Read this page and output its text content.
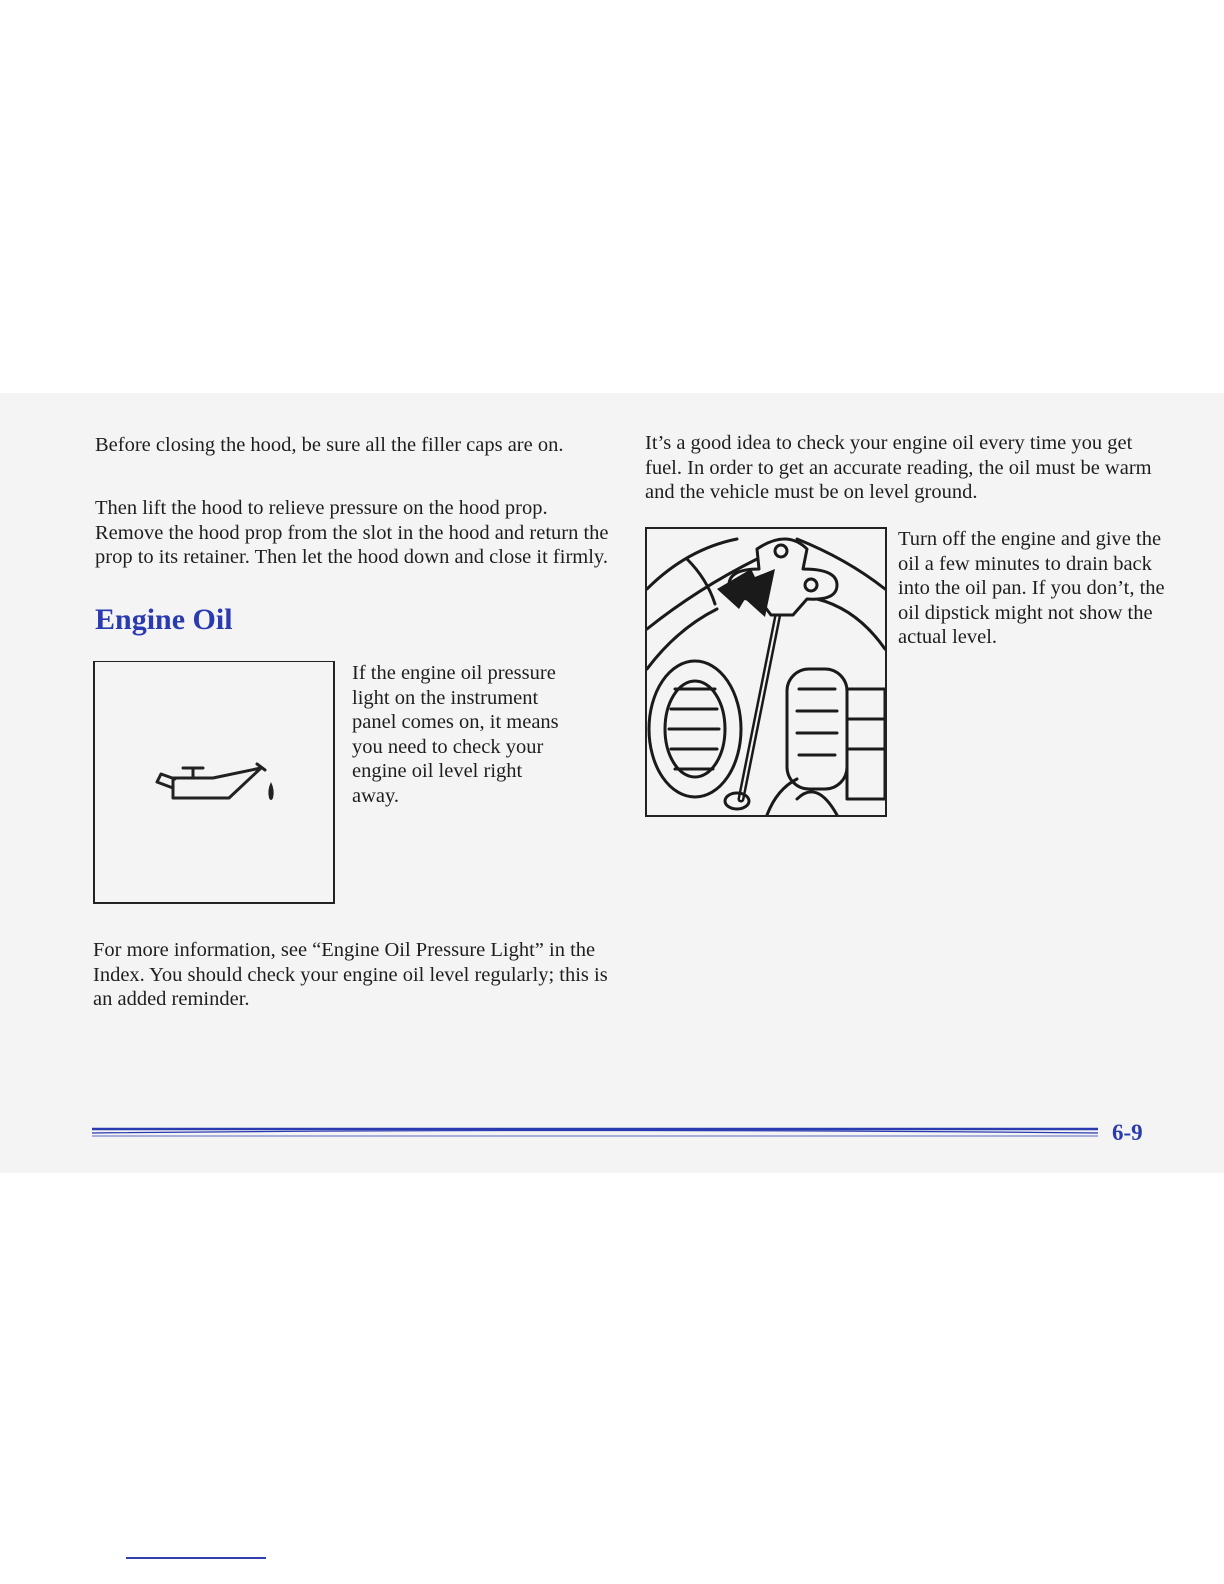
Before closing the hood, be sure all the filler caps are on.

Then lift the hood to relieve pressure on the hood prop. Remove the hood prop from the slot in the hood and return the prop to its retainer. Then let the hood down and close it firmly.

Engine Oil

If the engine oil pressure light on the instrument panel comes on, it means you need to check your engine oil level right away.

For more information, see “Engine Oil Pressure Light” in the Index. You should check your engine oil level regularly; this is an added reminder.

It’s a good idea to check your engine oil every time you get fuel. In order to get an accurate reading, the oil must be warm and the vehicle must be on level ground.

Turn off the engine and give the oil a few minutes to drain back into the oil pan. If you don’t, the oil dipstick might not show the actual level.

6-9
